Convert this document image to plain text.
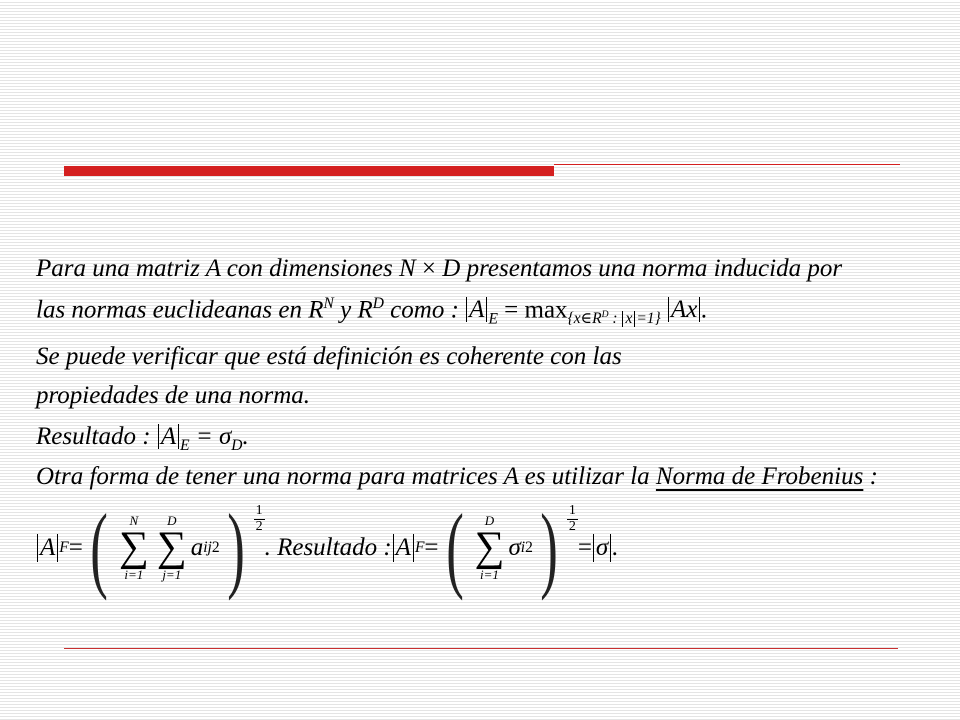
Para una matriz A con dimensiones N × D presentamos una norma inducida por
las normas euclideanas en $R^N$ y $R^D$ como : A $_E = \max_{\{x\in R^D : x =1\}} Ax$ .
Se puede verificar que está definición es coherente con las
propiedades de una norma.
Resultado : A $_E = \sigma_D$.
Otra forma de tener una norma para matrices A es utilizar la Norma de Frobenius :
A F = ( N
∑
i=1
D
∑
j=1
a ij 2 ) $\frac{1}{2}$
. Resultado : A F = ( D
∑
i=1
σ i 2 ) $\frac{1}{2}$
= σ .
